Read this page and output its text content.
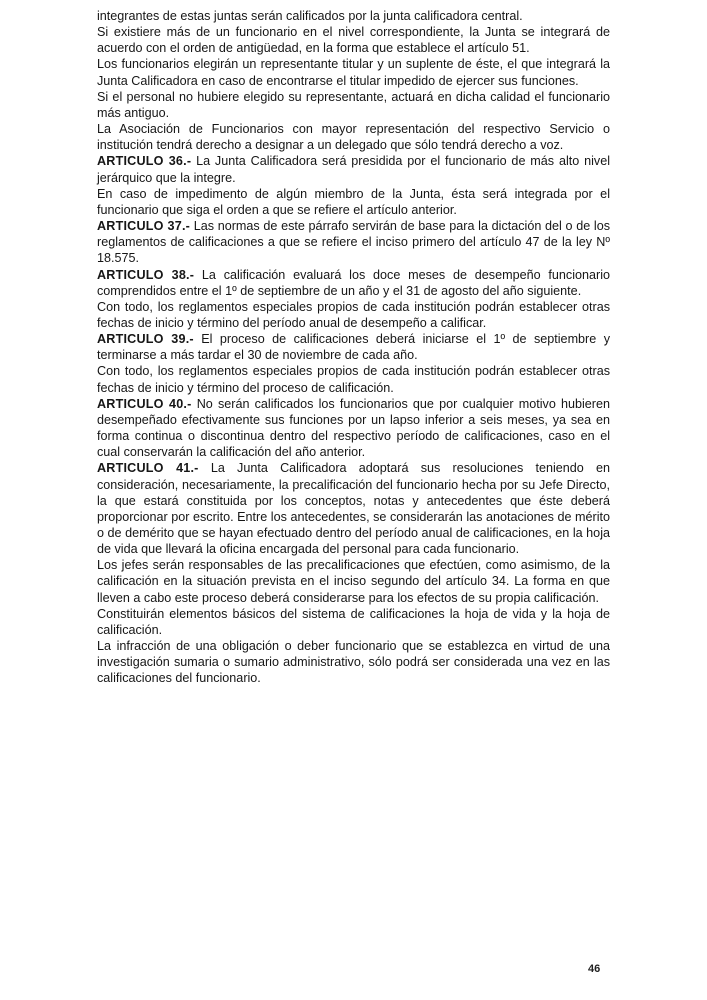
integrantes de estas juntas serán calificados por la junta calificadora central.

Si existiere más de un funcionario en el nivel correspondiente, la Junta se integrará de acuerdo con el orden de antigüedad, en la forma que establece el artículo 51.

Los funcionarios elegirán un representante titular y un suplente de éste, el que integrará la Junta Calificadora en caso de encontrarse el titular impedido de ejercer sus funciones.

Si el personal no hubiere elegido su representante, actuará en dicha calidad el funcionario más antiguo.

La Asociación de Funcionarios con mayor representación del respectivo Servicio o institución tendrá derecho a designar a un delegado que sólo tendrá derecho a voz.

ARTICULO 36.- La Junta Calificadora será presidida por el funcionario de más alto nivel jerárquico que la integre.

En caso de impedimento de algún miembro de la Junta, ésta será integrada por el funcionario que siga el orden a que se refiere el artículo anterior.

ARTICULO 37.- Las normas de este párrafo servirán de base para la dictación del o de los reglamentos de calificaciones a que se refiere el inciso primero del artículo 47 de la ley Nº 18.575.

ARTICULO 38.- La calificación evaluará los doce meses de desempeño funcionario comprendidos entre el 1º de septiembre de un año y el 31 de agosto del año siguiente.

Con todo, los reglamentos especiales propios de cada institución podrán establecer otras fechas de inicio y término del período anual de desempeño a calificar.

ARTICULO 39.- El proceso de calificaciones deberá iniciarse el 1º de septiembre y terminarse a más tardar el 30 de noviembre de cada año.

Con todo, los reglamentos especiales propios de cada institución podrán establecer otras fechas de inicio y término del proceso de calificación.

ARTICULO 40.- No serán calificados los funcionarios que por cualquier motivo hubieren desempeñado efectivamente sus funciones por un lapso inferior a seis meses, ya sea en forma continua o discontinua dentro del respectivo período de calificaciones, caso en el cual conservarán la calificación del año anterior.

ARTICULO 41.- La Junta Calificadora adoptará sus resoluciones teniendo en consideración, necesariamente, la precalificación del funcionario hecha por su Jefe Directo, la que estará constituida por los conceptos, notas y antecedentes que éste deberá proporcionar por escrito. Entre los antecedentes, se considerarán las anotaciones de mérito o de demérito que se hayan efectuado dentro del período anual de calificaciones, en la hoja de vida que llevará la oficina encargada del personal para cada funcionario.

Los jefes serán responsables de las precalificaciones que efectúen, como asimismo, de la calificación en la situación prevista en el inciso segundo del artículo 34. La forma en que lleven a cabo este proceso deberá considerarse para los efectos de su propia calificación.

Constituirán elementos básicos del sistema de calificaciones la hoja de vida y la hoja de calificación.

La infracción de una obligación o deber funcionario que se establezca en virtud de una investigación sumaria o sumario administrativo, sólo podrá ser considerada una vez en las calificaciones del funcionario.

46
